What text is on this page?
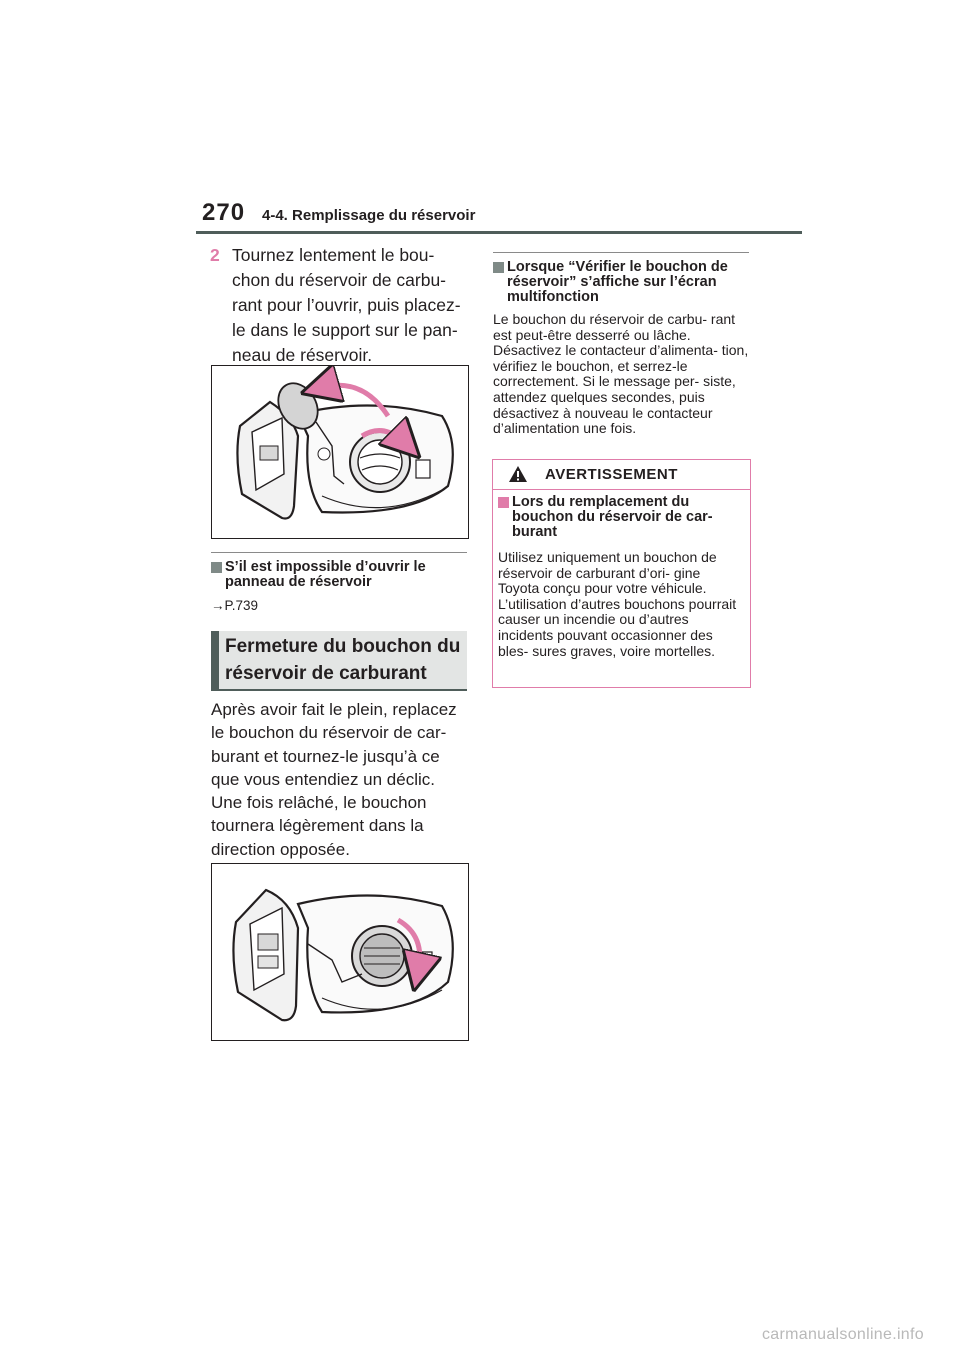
270 4-4. Remplissage du réservoir
2 Tournez lentement le bou- chon du réservoir de carbu- rant pour l’ouvrir, puis placez- le dans le support sur le pan- neau de réservoir.
S’il est impossible d’ouvrir le panneau de réservoir
→P.739
Fermeture du bouchon du réservoir de carburant
Après avoir fait le plein, replacez le bouchon du réservoir de car- burant et tournez-le jusqu’à ce que vous entendiez un déclic. Une fois relâché, le bouchon tournera légèrement dans la direction opposée.
Lorsque “Vérifier le bouchon de réservoir” s’affiche sur l’écran multifonction
Le bouchon du réservoir de carbu- rant est peut-être desserré ou lâche. Désactivez le contacteur d’alimenta- tion, vérifiez le bouchon, et serrez-le correctement. Si le message per- siste, attendez quelques secondes, puis désactivez à nouveau le contacteur d’alimentation une fois.
AVERTISSEMENT
Lors du remplacement du bouchon du réservoir de car- burant
Utilisez uniquement un bouchon de réservoir de carburant d’ori- gine Toyota conçu pour votre véhicule. L’utilisation d’autres bouchons pourrait causer un incendie ou d’autres incidents pouvant occasionner des bles- sures graves, voire mortelles.
carmanualsonline.info
